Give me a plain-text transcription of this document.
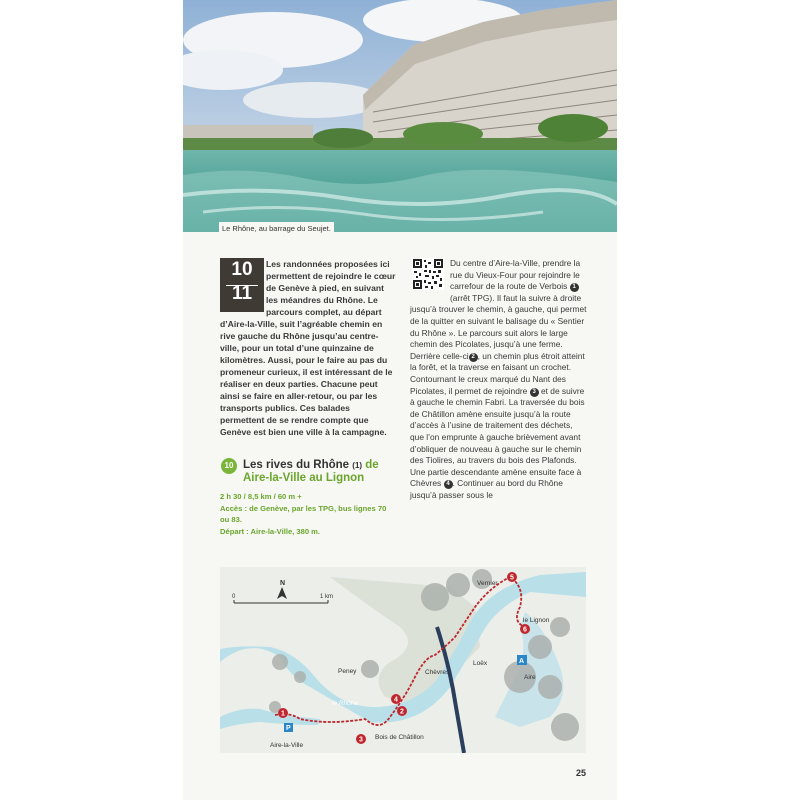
Le Rhône, au barrage du Seujet.
Les randonnées proposées ici permettent de rejoindre le cœur de Genève à pied, en suivant les méandres du Rhône. Le parcours complet, au départ d’Aire-la-Ville, suit l’agréable chemin en rive gauche du Rhône jusqu’au centre-ville, pour un total d’une quinzaine de kilomètres. Aussi, pour le faire au pas du promeneur curieux, il est intéressant de le réaliser en deux parties. Chacune peut ainsi se faire en aller-retour, ou par les transports publics. Ces balades permettent de se rendre compte que Genève est bien une ville à la campagne.
10
11
10 Les rives du Rhône (1) de Aire-la-Ville au Lignon
2 h 30 / 8,5 km / 60 m +
Accès : de Genève, par les TPG, bus lignes 70 ou 83.
Départ : Aire-la-Ville, 380 m.
Du centre d’Aire-la-Ville, prendre la rue du Vieux-Four pour rejoindre le carrefour de la route de Verbois 1 (arrêt TPG). Il faut la suivre à droite jusqu’à trouver le chemin, à gauche, qui permet de la quitter en suivant le balisage du « Sentier du Rhône ». Le parcours suit alors le large chemin des Picolates, jusqu’à une ferme. Derrière celle-ci 2 , un chemin plus étroit atteint la forêt, et la traverse en faisant un crochet. Contournant le creux marqué du Nant des Picolates, il permet de rejoindre 3 et de suivre à gauche le chemin Fabri. La traversée du bois de Châtillon amène ensuite jusqu’à la route d’accès à l’usine de traitement des déchets, que l’on emprunte à gauche brièvement avant d’obliquer de nouveau à gauche sur le chemin des Tiolires, au travers du bois des Plafonds. Une partie descendante amène ensuite face à Chèvres 4 . Continuer au bord du Rhône jusqu’à passer sous le
1	2
3
4
5
6
A
P
Vernier
le Lignon
Peney
Loëx
Chèvres
Aire
le Rhône
Bois de Châtillon
Aire-la-Ville
N
0	1 km
25
